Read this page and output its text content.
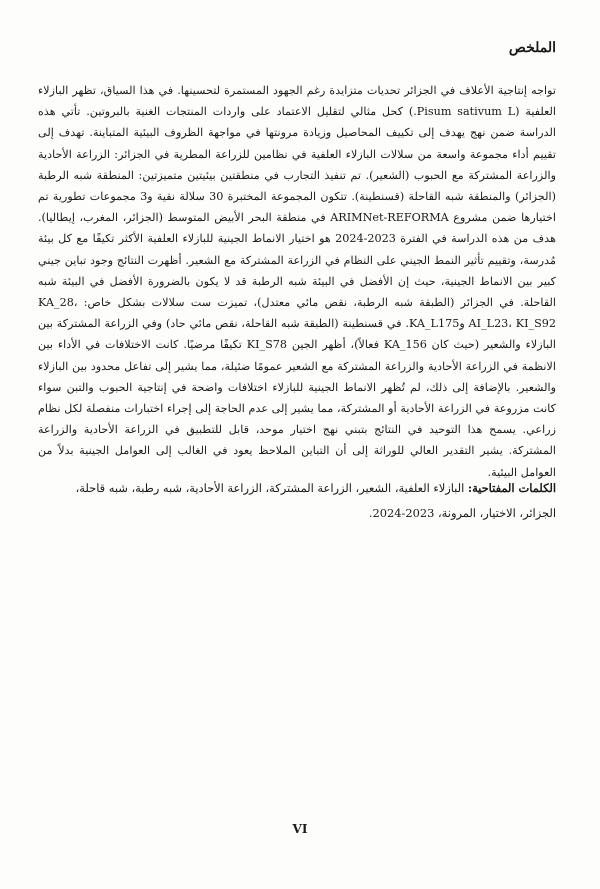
الملخص

تواجه إنتاجية الأعلاف في الجزائر تحديات متزايدة رغم الجهود المستمرة لتحسينها. في هذا السياق، تظهر البازلاء العلفية (Pisum sativum L.) كحل مثالي لتقليل الاعتماد على واردات المنتجات الغنية بالبروتين. تأتي هذه الدراسة ضمن نهج يهدف إلى تكييف المحاصيل وزيادة مرونتها في مواجهة الظروف البيئية المتباينة. تهدف إلى تقييم أداء مجموعة واسعة من سلالات البازلاء العلفية في نظامين للزراعة المطرية في الجزائر: الزراعة الأحادية والزراعة المشتركة مع الحبوب (الشعير). تم تنفيذ التجارب في منطقتين بيئيتين متميزتين: المنطقة شبه الرطبة (الجزائر) والمنطقة شبه القاحلة (قسنطينة). تتكون المجموعة المختبرة 30 سلالة نقية و3 مجموعات تطورية تم اختيارها ضمن مشروع ARIMNet-REFORMA في منطقة البحر الأبيض المتوسط (الجزائر، المغرب، إيطاليا). هدف من هذه الدراسة في الفترة 2023-2024 هو اختيار الانماط الجينية للبازلاء العلفية الأكثر تكيفًا مع كل بيئة مُدرسة، وتقييم تأثير النمط الجيني على النظام في الزراعة المشتركة مع الشعير. أظهرت النتائج وجود تباين جيني كبير بين الانماط الجينية، حيث إن الأفضل في البيئة شبه الرطبة قد لا يكون بالضرورة الأفضل في البيئة شبه القاحلة. في الجزائر (الطبقة شبه الرطبة، نقص مائي معتدل)، تميزت ست سلالات بشكل خاص: KA_28، AI_L23، KI_S92 وKA_L175. في قسنطينة (الطبقة شبه القاحلة، نقص مائي حاد) وفي الزراعة المشتركة بين البازلاء والشعير (حيث كان KA_156 فعالاً)، أظهر الجين KI_S78 تكيفًا مرضيًا. كانت الاختلافات في الأداء بين الانظمة في الزراعة الأحادية والزراعة المشتركة مع الشعير عمومًا ضئيلة، مما يشير إلى تفاعل محدود بين البازلاء والشعير. بالإضافة إلى ذلك، لم تُظهر الانماط الجينية للبازلاء اختلافات واضحة في إنتاجية الحبوب والتبن سواء كانت مزروعة في الزراعة الأحادية أو المشتركة، مما يشير إلى عدم الحاجة إلى إجراء اختبارات منفصلة لكل نظام زراعي. يسمح هذا التوحيد في النتائج بتبني نهج اختيار موحد، قابل للتطبيق في الزراعة الأحادية والزراعة المشتركة. يشير التقدير العالي للوراثة إلى أن التباين الملاحظ يعود في الغالب إلى العوامل الجينية بدلاً من العوامل البيئية.

الكلمات المفتاحية: البازلاء العلفية، الشعير، الزراعة المشتركة، الزراعة الأحادية، شبه رطبة، شبه قاحلة، الجزائر، الاختيار، المرونة، 2023-2024.
VI
